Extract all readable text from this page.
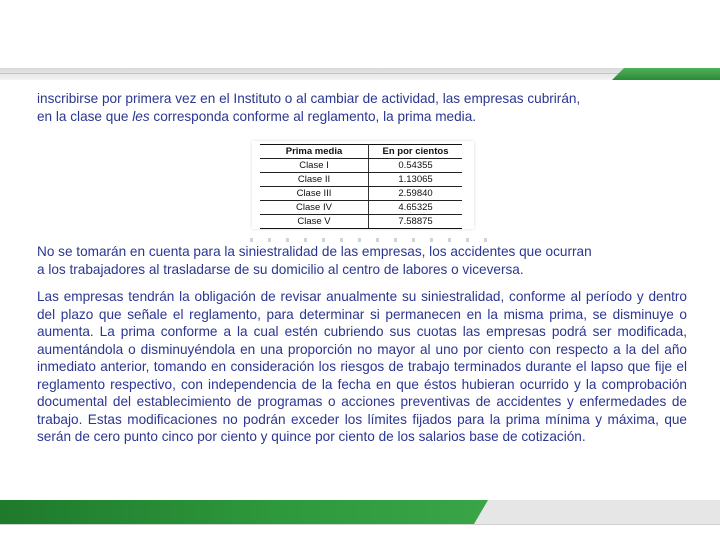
inscribirse por primera vez en el Instituto o al cambiar de actividad, las empresas cubrirán,
en la clase que les corresponda conforme al reglamento, la prima media.
Prima media	En por cientos
Clase I	0.54355
Clase II	1.13065
Clase III	2.59840
Clase IV	4.65325
Clase V	7.58875
No se tomarán en cuenta para la siniestralidad de las empresas, los accidentes que ocurran
a los trabajadores al trasladarse de su domicilio al centro de labores o viceversa.
Las empresas tendrán la obligación de revisar anualmente su siniestralidad, conforme al período y dentro del plazo que señale el reglamento, para determinar si permanecen en la misma prima, se disminuye o aumenta. La prima conforme a la cual estén cubriendo sus cuotas las empresas podrá ser modificada, aumentándola o disminuyéndola en una proporción no mayor al uno por ciento con respecto a la del año inmediato anterior, tomando en consideración los riesgos de trabajo terminados durante el lapso que fije el reglamento respectivo, con independencia de la fecha en que éstos hubieran ocurrido y la comprobación documental del establecimiento de programas o acciones preventivas de accidentes y enfermedades de trabajo. Estas modificaciones no podrán exceder los límites fijados para la prima mínima y máxima, que serán de cero punto cinco por ciento y quince por ciento de los salarios base de cotización.
